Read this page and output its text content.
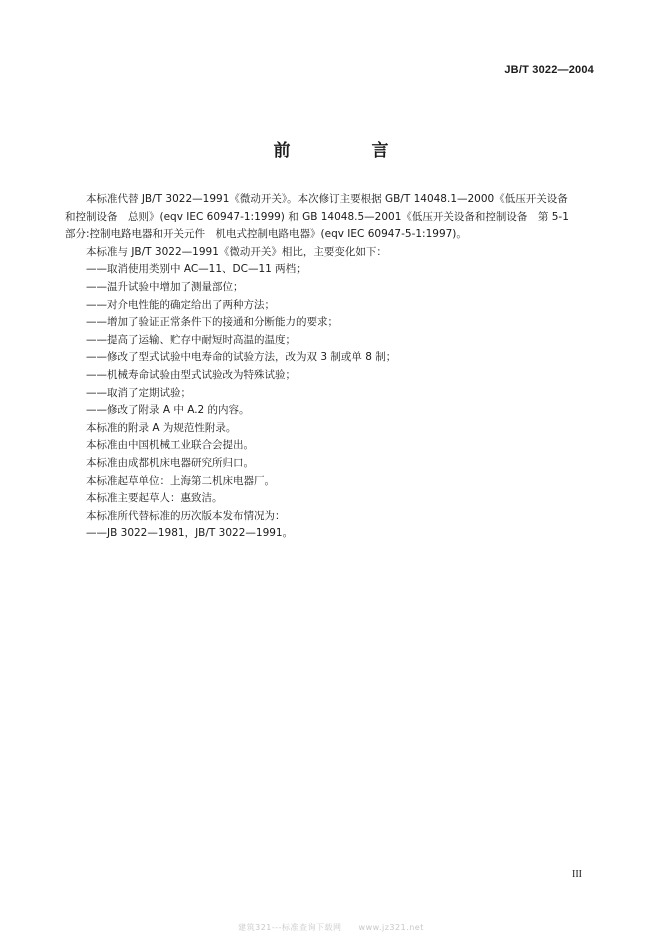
JB/T 3022—2004
前　言

本标准代替 JB/T 3022—1991《微动开关》。本次修订主要根据 GB/T 14048.1—2000《低压开关设备

和控制设备　总则》(eqv IEC 60947-1:1999) 和 GB 14048.5—2001《低压开关设备和控制设备　第 5-1

部分:控制电路电器和开关元件　机电式控制电路电器》(eqv IEC 60947-5-1:1997)。

本标准与 JB/T 3022—1991《微动开关》相比，主要变化如下：

——取消使用类别中 AC—11、DC—11 两档；

——温升试验中增加了测量部位；

——对介电性能的确定给出了两种方法；

——增加了验证正常条件下的接通和分断能力的要求；

——提高了运输、贮存中耐短时高温的温度；

——修改了型式试验中电寿命的试验方法，改为双 3 制或单 8 制；

——机械寿命试验由型式试验改为特殊试验；

——取消了定期试验；

——修改了附录 A 中 A.2 的内容。

本标准的附录 A 为规范性附录。

本标准由中国机械工业联合会提出。

本标准由成都机床电器研究所归口。

本标准起草单位：上海第二机床电器厂。

本标准主要起草人：惠致洁。

本标准所代替标准的历次版本发布情况为：

——JB 3022—1981，JB/T 3022—1991。

III
建筑321---标准查询下载网　　www.jz321.net
